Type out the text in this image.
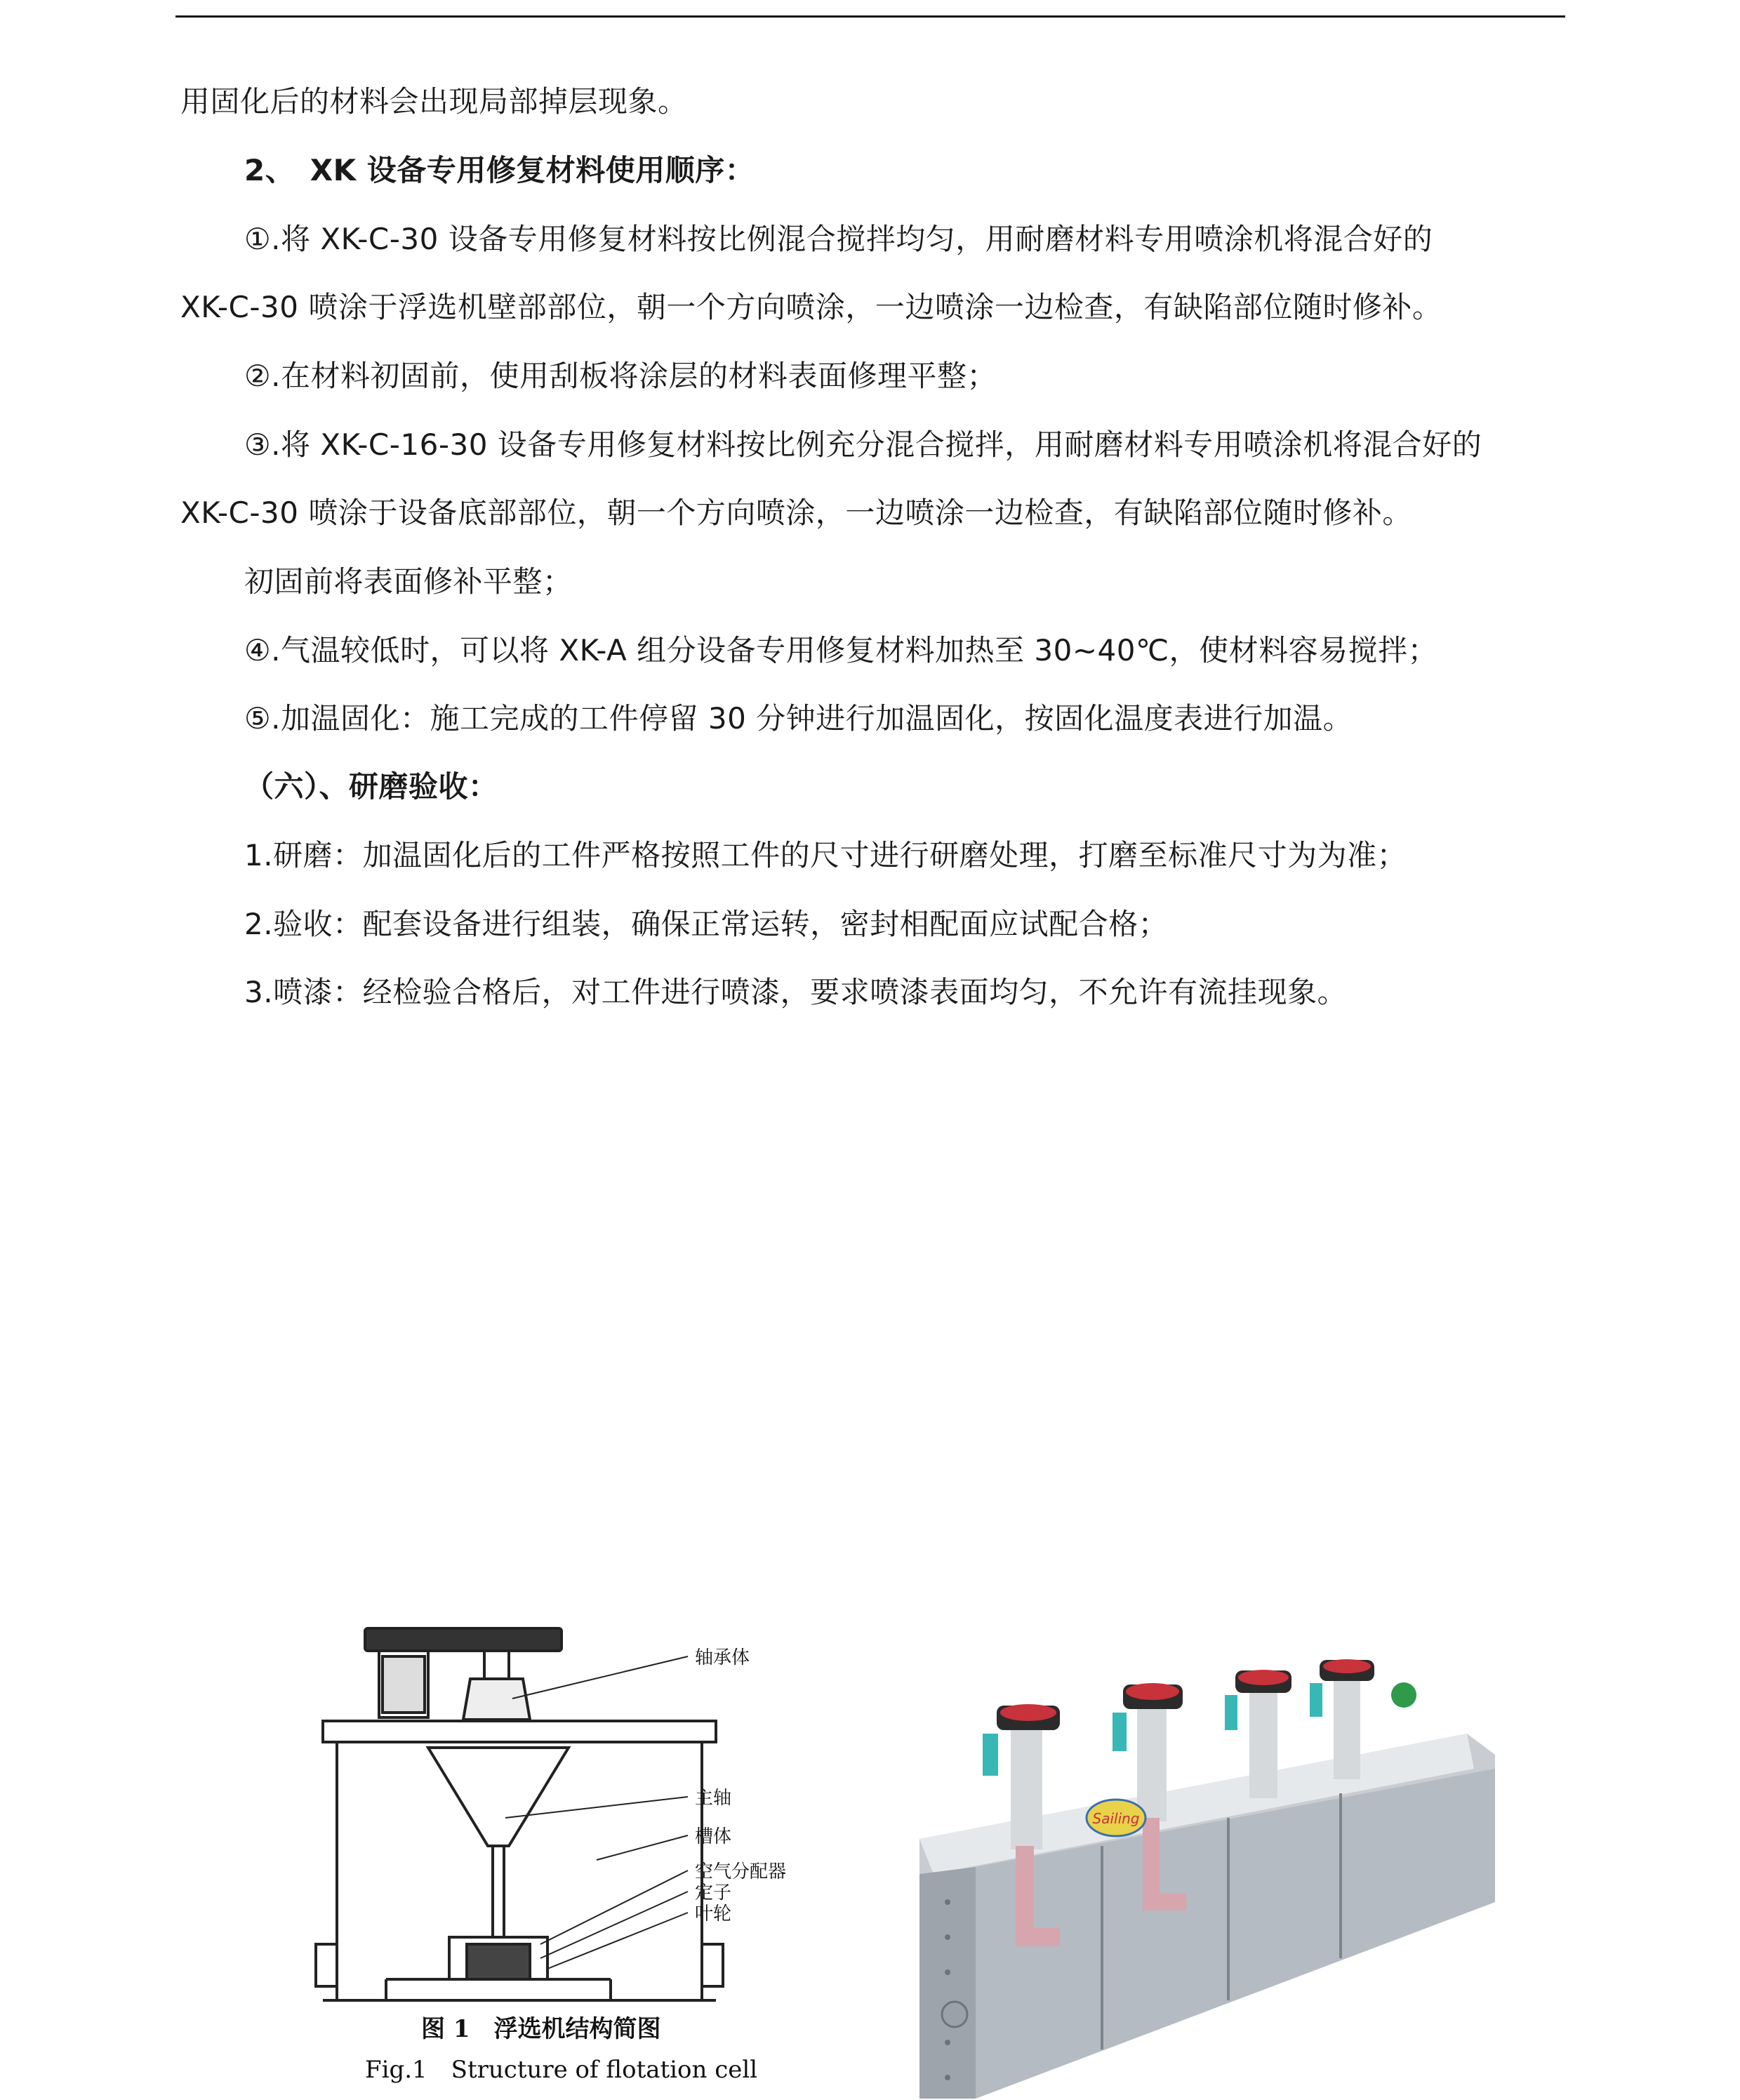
用固化后的材料会出现局部掉层现象。
2、　XK 设备专用修复材料使用顺序：
①.将 XK-C-30 设备专用修复材料按比例混合搅拌均匀，用耐磨材料专用喷涂机将混合好的
XK-C-30 喷涂于浮选机壁部部位，朝一个方向喷涂，一边喷涂一边检查，有缺陷部位随时修补。
②.在材料初固前，使用刮板将涂层的材料表面修理平整；
③.将 XK-C-16-30 设备专用修复材料按比例充分混合搅拌，用耐磨材料专用喷涂机将混合好的
XK-C-30 喷涂于设备底部部位，朝一个方向喷涂，一边喷涂一边检查，有缺陷部位随时修补。
初固前将表面修补平整；
④.气温较低时，可以将 XK-A 组分设备专用修复材料加热至 30~40℃，使材料容易搅拌；
⑤.加温固化：施工完成的工件停留 30 分钟进行加温固化，按固化温度表进行加温。
（六）、研磨验收：
1.研磨：加温固化后的工件严格按照工件的尺寸进行研磨处理，打磨至标准尺寸为为准；
2.验收：配套设备进行组装，确保正常运转，密封相配面应试配合格；
3.喷漆：经检验合格后，对工件进行喷漆，要求喷漆表面均匀，不允许有流挂现象。
轴承体
主轴
槽体
空气分配器
定子
叶轮
图 1　浮选机结构简图
Fig.1　Structure of flotation cell
Sailing
